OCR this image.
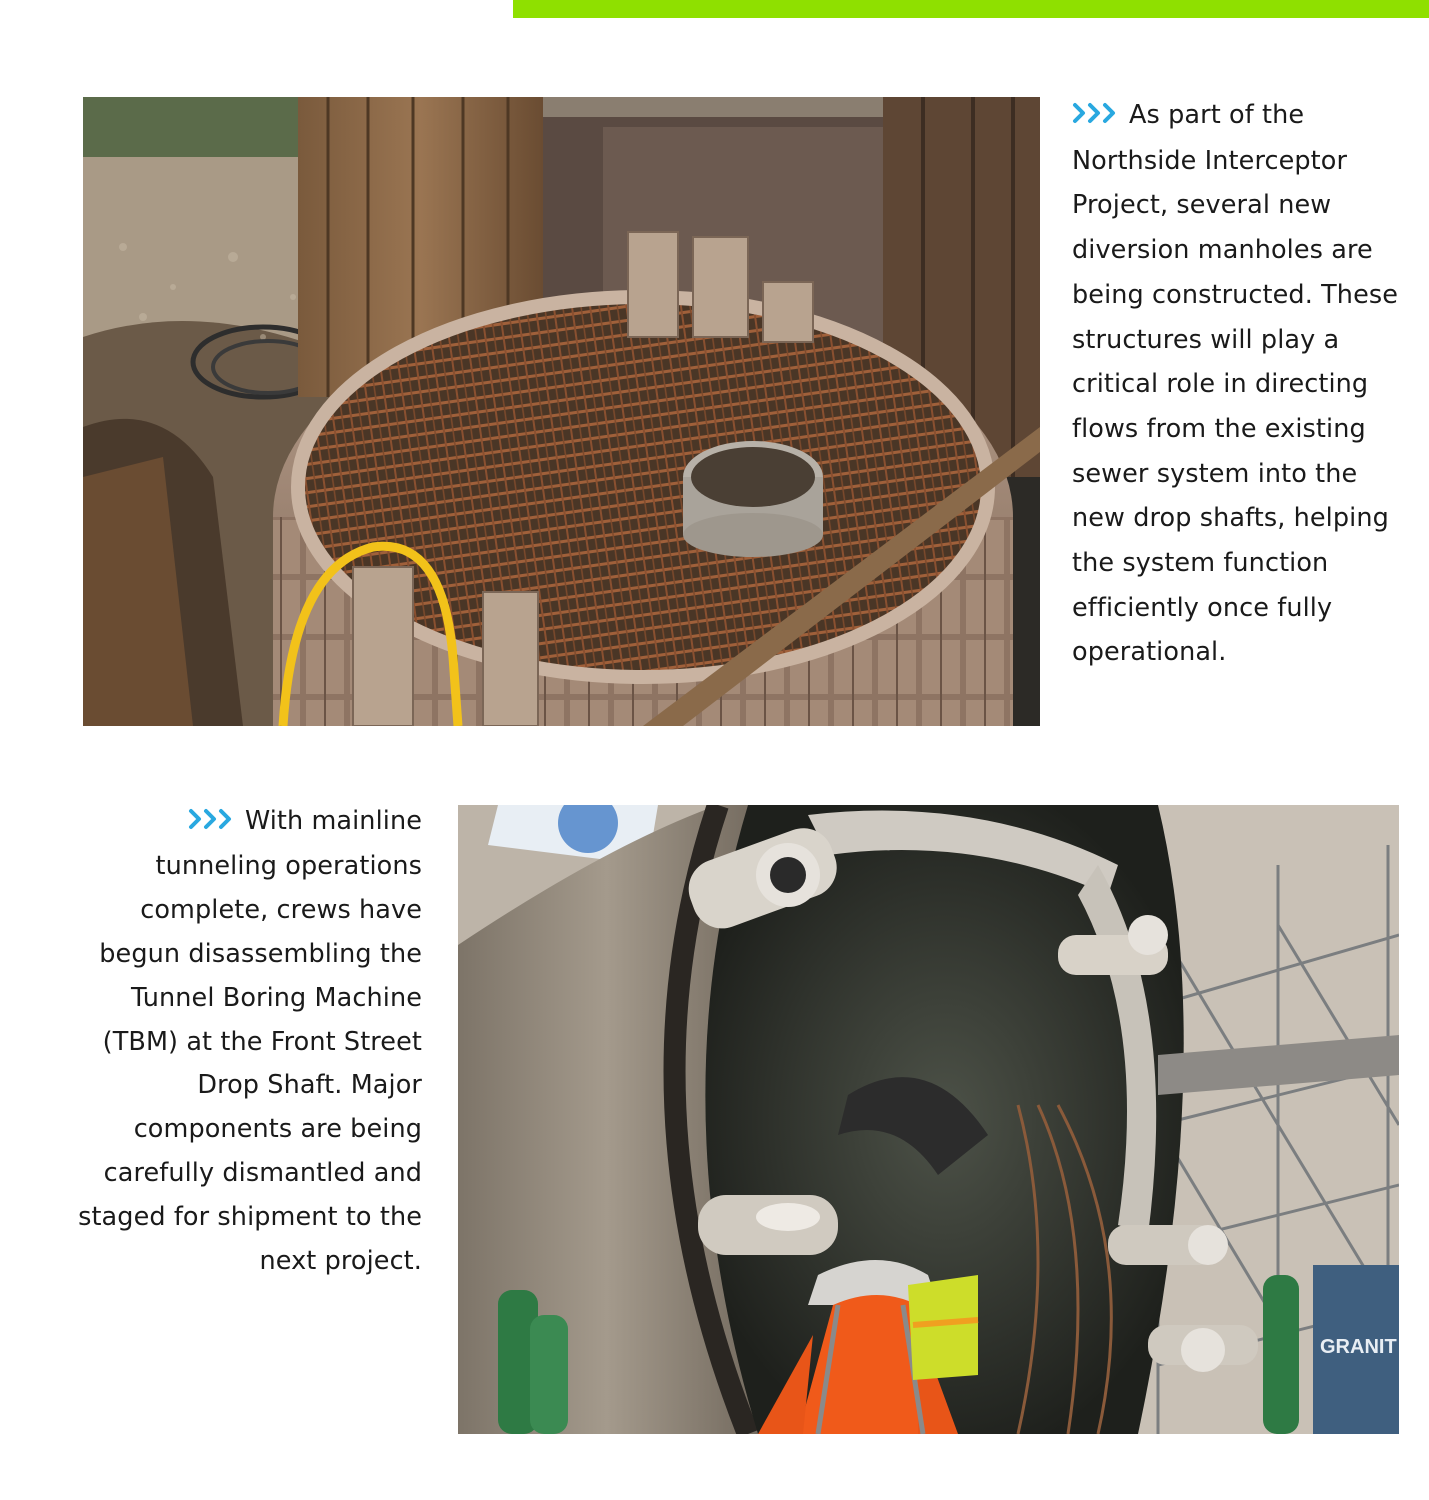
As part of the Northside Interceptor Project, several new diversion manholes are being constructed. These structures will play a critical role in directing flows from the existing sewer system into the new drop shafts, helping the system function efficiently once fully operational.

With mainline tunneling operations complete, crews have begun disassembling the Tunnel Boring Machine (TBM) at the Front Street Drop Shaft. Major components are being carefully dismantled and staged for shipment to the next project.

GRANIT
